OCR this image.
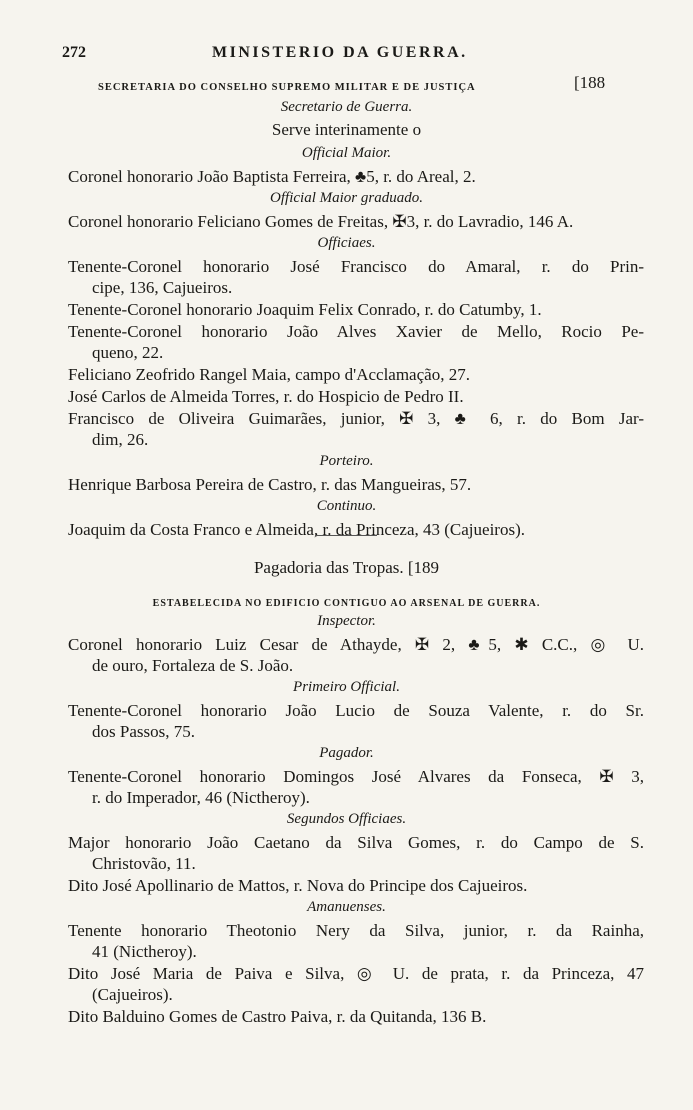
272	MINISTERIO DA GUERRA.
SECRETARIA DO CONSELHO SUPREMO MILITAR E DE JUSTIÇA	[188
Secretario de Guerra.
Serve interinamente o
Official Maior.
Coronel honorario João Baptista Ferreira, ♣5, r. do Areal, 2.
Official Maior graduado.
Coronel honorario Feliciano Gomes de Freitas, ✠3, r. do Lavradio, 146 A.
Officiaes.
Tenente-Coronel honorario José Francisco do Amaral, r. do Prin-
cipe, 136, Cajueiros.
Tenente-Coronel honorario Joaquim Felix Conrado, r. do Catumby, 1.
Tenente-Coronel honorario João Alves Xavier de Mello, Rocio Pe-
queno, 22.
Feliciano Zeofrido Rangel Maia, campo d'Acclamação, 27.
José Carlos de Almeida Torres, r. do Hospicio de Pedro II.
Francisco de Oliveira Guimarães, junior, ✠ 3, ♣ 6, r. do Bom Jar-
dim, 26.
Porteiro.
Henrique Barbosa Pereira de Castro, r. das Mangueiras, 57.
Continuo.
Joaquim da Costa Franco e Almeida, r. da Princeza, 43 (Cajueiros).
Pagadoria das Tropas. [189
ESTABELECIDA NO EDIFICIO CONTIGUO AO ARSENAL DE GUERRA.
Inspector.
Coronel honorario Luiz Cesar de Athayde, ✠ 2, ♣5, ✱ C.C., ◎ U.
de ouro, Fortaleza de S. João.
Primeiro Official.
Tenente-Coronel honorario João Lucio de Souza Valente, r. do Sr.
dos Passos, 75.
Pagador.
Tenente-Coronel honorario Domingos José Alvares da Fonseca, ✠ 3,
r. do Imperador, 46 (Nictheroy).
Segundos Officiaes.
Major honorario João Caetano da Silva Gomes, r. do Campo de S.
Christovão, 11.
Dito José Apollinario de Mattos, r. Nova do Principe dos Cajueiros.
Amanuenses.
Tenente honorario Theotonio Nery da Silva, junior, r. da Rainha,
41 (Nictheroy).
Dito José Maria de Paiva e Silva, ◎ U. de prata, r. da Princeza, 47
(Cajueiros).
Dito Balduino Gomes de Castro Paiva, r. da Quitanda, 136 B.
